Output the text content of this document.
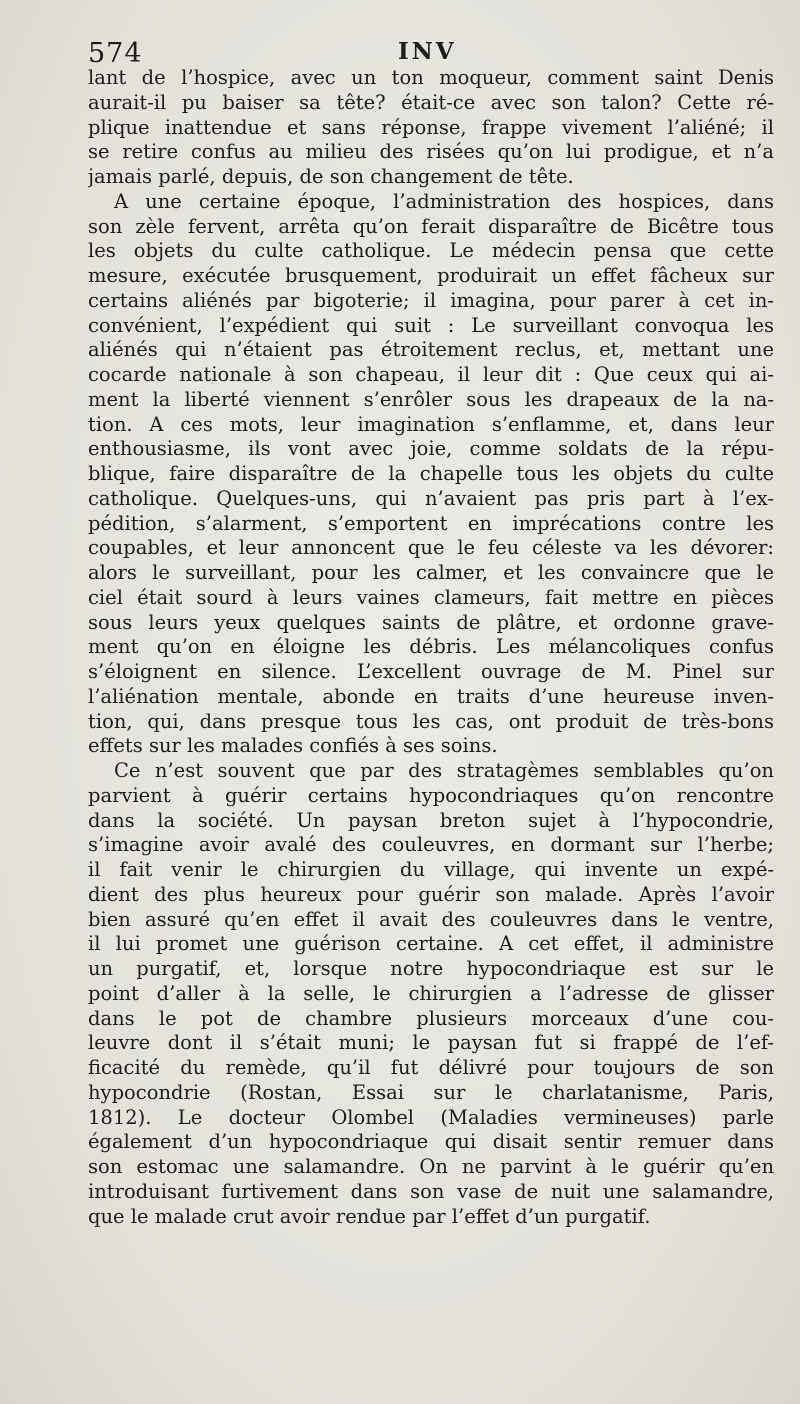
574	INV
lant de l’hospice, avec un ton moqueur, comment saint Denis
aurait-il pu baiser sa tête? était-ce avec son talon? Cette ré-
plique inattendue et sans réponse, frappe vivement l’aliéné; il
se retire confus au milieu des risées qu’on lui prodigue, et n’a
jamais parlé, depuis, de son changement de tête.
A une certaine époque, l’administration des hospices, dans
son zèle fervent, arrêta qu’on ferait disparaître de Bicêtre tous
les objets du culte catholique. Le médecin pensa que cette
mesure, exécutée brusquement, produirait un effet fâcheux sur
certains aliénés par bigoterie; il imagina, pour parer à cet in-
convénient, l’expédient qui suit : Le surveillant convoqua les
aliénés qui n’étaient pas étroitement reclus, et, mettant une
cocarde nationale à son chapeau, il leur dit : Que ceux qui ai-
ment la liberté viennent s’enrôler sous les drapeaux de la na-
tion. A ces mots, leur imagination s’enflamme, et, dans leur
enthousiasme, ils vont avec joie, comme soldats de la répu-
blique, faire disparaître de la chapelle tous les objets du culte
catholique. Quelques-uns, qui n’avaient pas pris part à l’ex-
pédition, s’alarment, s’emportent en imprécations contre les
coupables, et leur annoncent que le feu céleste va les dévorer:
alors le surveillant, pour les calmer, et les convaincre que le
ciel était sourd à leurs vaines clameurs, fait mettre en pièces
sous leurs yeux quelques saints de plâtre, et ordonne grave-
ment qu’on en éloigne les débris. Les mélancoliques confus
s’éloignent en silence. L’excellent ouvrage de M. Pinel sur
l’aliénation mentale, abonde en traits d’une heureuse inven-
tion, qui, dans presque tous les cas, ont produit de très-bons
effets sur les malades confiés à ses soins.
Ce n’est souvent que par des stratagèmes semblables qu’on
parvient à guérir certains hypocondriaques qu’on rencontre
dans la société. Un paysan breton sujet à l’hypocondrie,
s’imagine avoir avalé des couleuvres, en dormant sur l’herbe;
il fait venir le chirurgien du village, qui invente un expé-
dient des plus heureux pour guérir son malade. Après l’avoir
bien assuré qu’en effet il avait des couleuvres dans le ventre,
il lui promet une guérison certaine. A cet effet, il administre
un purgatif, et, lorsque notre hypocondriaque est sur le
point d’aller à la selle, le chirurgien a l’adresse de glisser
dans le pot de chambre plusieurs morceaux d’une cou-
leuvre dont il s’était muni; le paysan fut si frappé de l’ef-
ficacité du remède, qu’il fut délivré pour toujours de son
hypocondrie (Rostan, Essai sur le charlatanisme, Paris,
1812). Le docteur Olombel (Maladies vermineuses) parle
également d’un hypocondriaque qui disait sentir remuer dans
son estomac une salamandre. On ne parvint à le guérir qu’en
introduisant furtivement dans son vase de nuit une salamandre,
que le malade crut avoir rendue par l’effet d’un purgatif.
